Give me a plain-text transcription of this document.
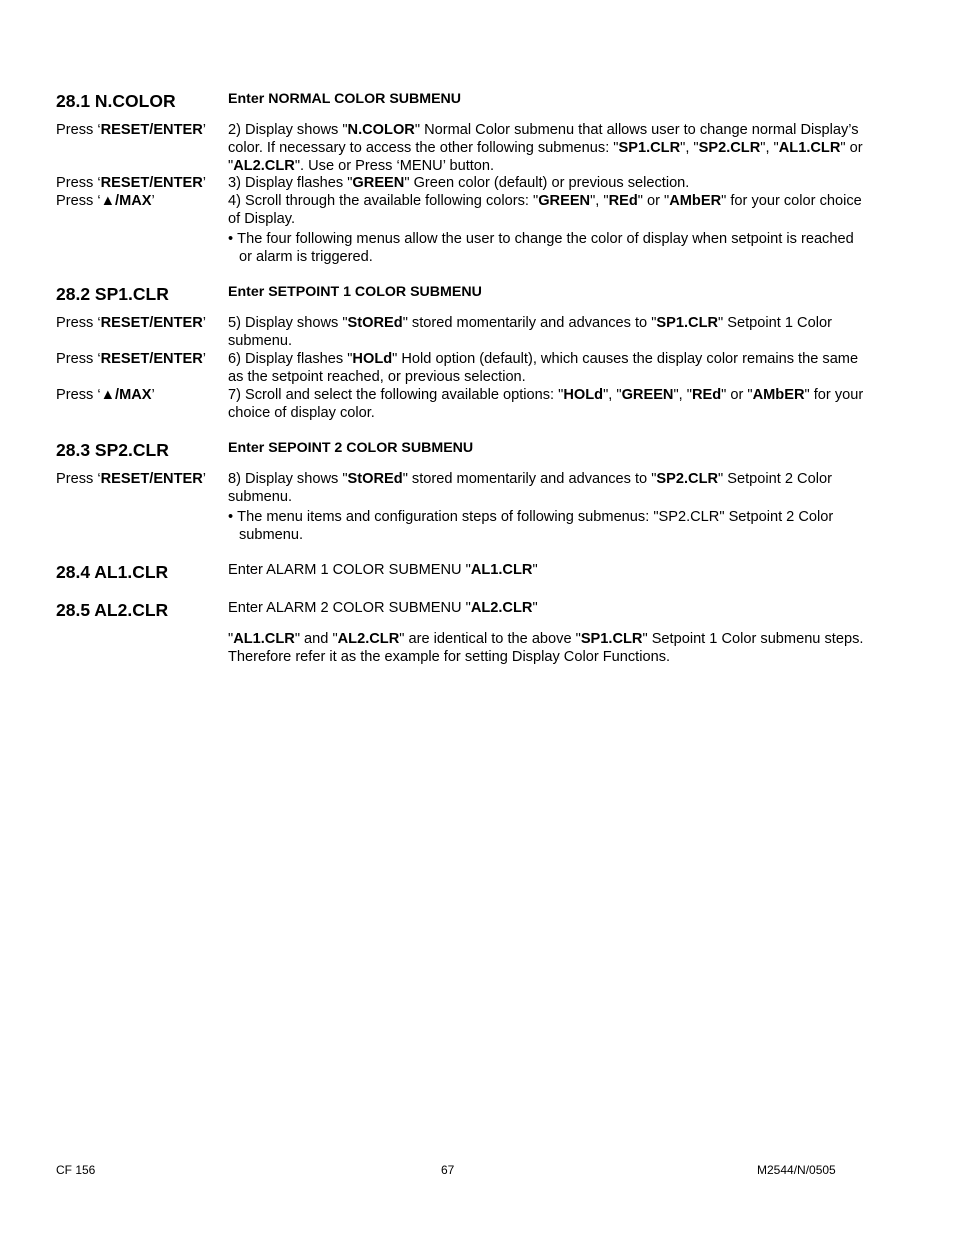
28.1 N.COLOR	Enter NORMAL COLOR SUBMENU
Press ‘RESET/ENTER’ 2) Display shows "N.COLOR" Normal Color submenu that allows user to change normal Display’s color. If necessary to access the other following submenus: "SP1.CLR", "SP2.CLR", "AL1.CLR" or "AL2.CLR". Use or Press ‘MENU’ button.
Press ‘RESET/ENTER’ 3) Display flashes "GREEN" Green color (default) or previous selection.
Press ‘▲/MAX’	4) Scroll through the available following colors: "GREEN", "REd" or "AMbER" for your color choice of Display.
• The four following menus allow the user to change the color of display when setpoint is reached or alarm is triggered.
28.2 SP1.CLR	Enter SETPOINT 1 COLOR SUBMENU
Press ‘RESET/ENTER’ 5) Display shows "StOREd" stored momentarily and advances to "SP1.CLR" Setpoint 1 Color submenu.
Press ‘RESET/ENTER’ 6) Display flashes "HOLd" Hold option (default), which causes the display color remains the same as the setpoint reached, or previous selection.
Press ‘▲/MAX’	7) Scroll and select the following available options: "HOLd", "GREEN", "REd" or "AMbER" for your choice of display color.
28.3 SP2.CLR	Enter SEPOINT 2 COLOR SUBMENU
Press ‘RESET/ENTER’ 8) Display shows "StOREd" stored momentarily and advances to "SP2.CLR" Setpoint 2 Color submenu.
• The menu items and configuration steps of following submenus: "SP2.CLR" Setpoint 2 Color submenu.
28.4 AL1.CLR	Enter ALARM 1 COLOR SUBMENU "AL1.CLR"
28.5 AL2.CLR	Enter ALARM 2 COLOR SUBMENU "AL2.CLR"
"AL1.CLR" and "AL2.CLR" are identical to the above "SP1.CLR" Setpoint 1 Color submenu steps. Therefore refer it as the example for setting Display Color Functions.
CF 156	67	M2544/N/0505
